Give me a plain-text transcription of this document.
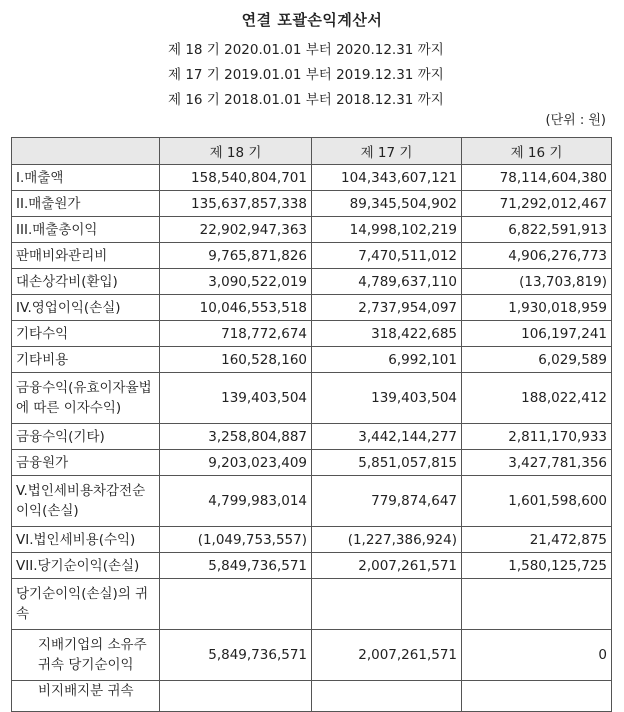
연결 포괄손익계산서
제 18 기 2020.01.01 부터 2020.12.31 까지
제 17 기 2019.01.01 부터 2019.12.31 까지
제 16 기 2018.01.01 부터 2018.12.31 까지
(단위 : 원)
	제 18 기	제 17 기	제 16 기
I.매출액	158,540,804,701	104,343,607,121	78,114,604,380
II.매출원가	135,637,857,338	89,345,504,902	71,292,012,467
III.매출총이익	22,902,947,363	14,998,102,219	6,822,591,913
판매비와관리비	9,765,871,826	7,470,511,012	4,906,276,773
대손상각비(환입)	3,090,522,019	4,789,637,110	(13,703,819)
IV.영업이익(손실)	10,046,553,518	2,737,954,097	1,930,018,959
기타수익	718,772,674	318,422,685	106,197,241
기타비용	160,528,160	6,992,101	6,029,589
금융수익(유효이자율법에 따른 이자수익)	139,403,504	139,403,504	188,022,412
금융수익(기타)	3,258,804,887	3,442,144,277	2,811,170,933
금융원가	9,203,023,409	5,851,057,815	3,427,781,356
V.법인세비용차감전순이익(손실)	4,799,983,014	779,874,647	1,601,598,600
VI.법인세비용(수익)	(1,049,753,557)	(1,227,386,924)	21,472,875
VII.당기순이익(손실)	5,849,736,571	2,007,261,571	1,580,125,725
당기순이익(손실)의 귀속			
지배기업의 소유주 귀속 당기순이익	5,849,736,571	2,007,261,571	0
비지배지분 귀속			
